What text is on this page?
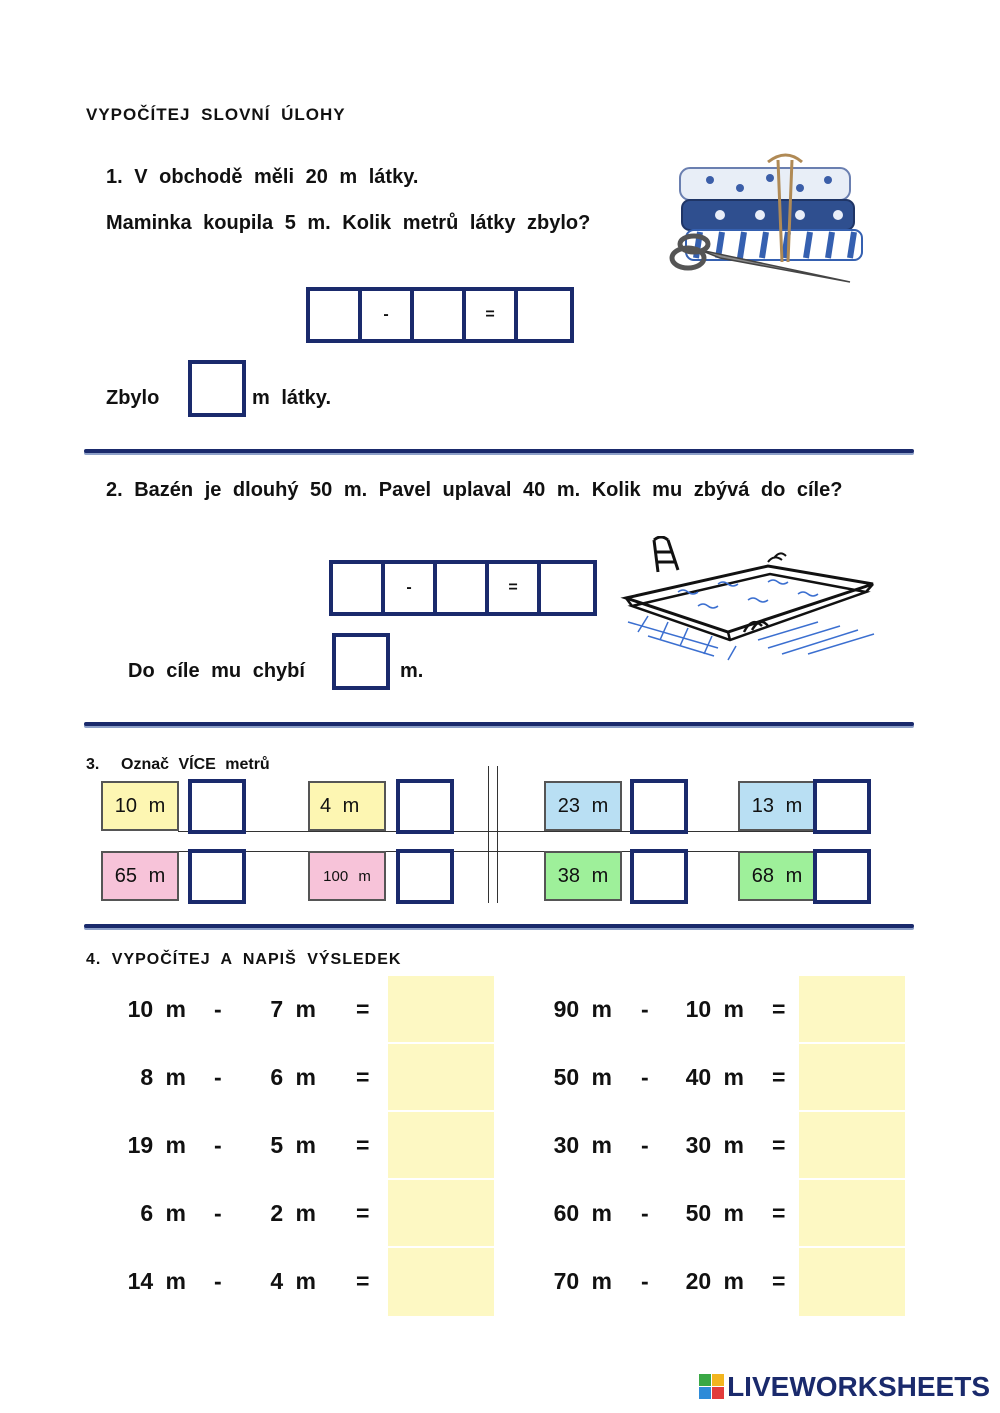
VYPOČÍTEJ SLOVNÍ ÚLOHY
1. V obchodě měli 20 m látky.
Maminka koupila 5 m. Kolik metrů látky zbylo?
-	=
Zbylo	m látky.
2. Bazén je dlouhý 50 m. Pavel uplaval 40 m. Kolik mu zbývá do cíle?
-	=
Do cíle mu chybí	m.
3. Označ VÍCE metrů
10 m	4 m	23 m	13 m
65 m	100 m	38 m	68 m
4. VYPOČÍTEJ A NAPIŠ VÝSLEDEK
10 m - 7 m =
8 m - 6 m =
19 m - 5 m =
6 m - 2 m =
14 m - 4 m =
90 m - 10 m =
50 m - 40 m =
30 m - 30 m =
60 m - 50 m =
70 m - 20 m =
LIVEWORKSHEETS
